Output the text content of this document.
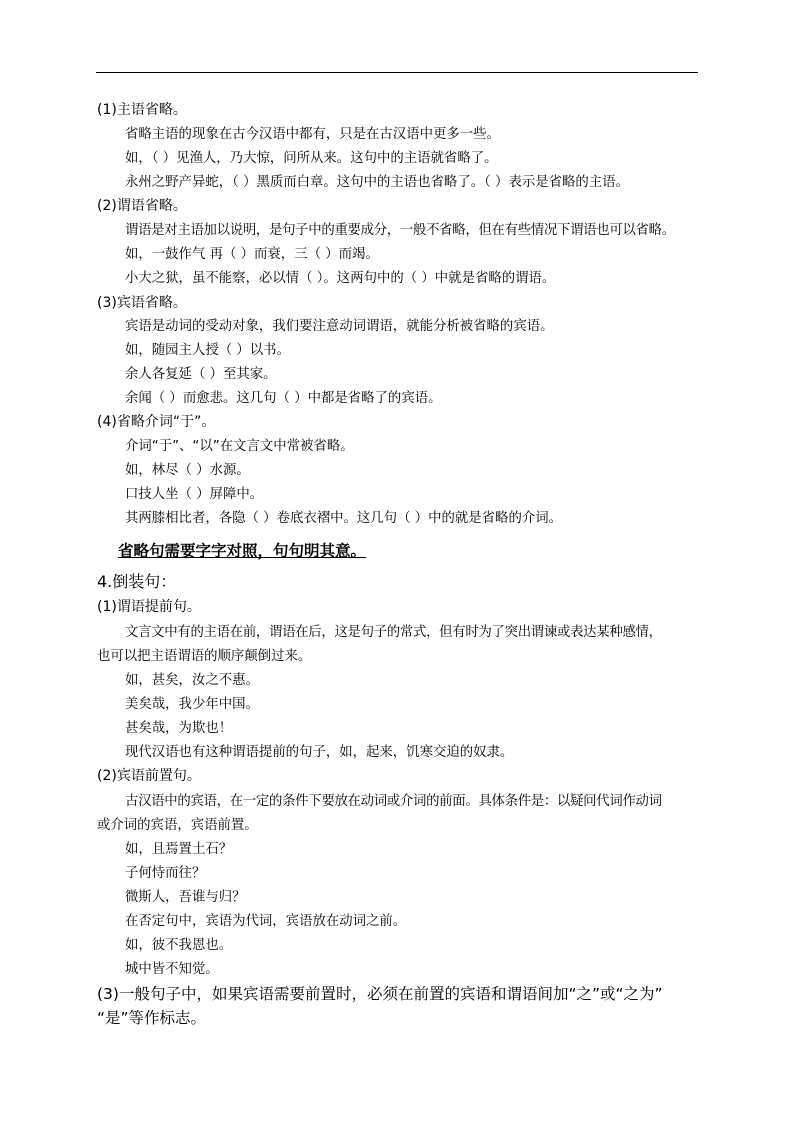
(1)主语省略。
省略主语的现象在古今汉语中都有，只是在古汉语中更多一些。
如，（ ）见渔人，乃大惊，问所从来。这句中的主语就省略了。
永州之野产异蛇，（ ）黑质而白章。这句中的主语也省略了。（ ）表示是省略的主语。
(2)谓语省略。
谓语是对主语加以说明，是句子中的重要成分，一般不省略，但在有些情况下谓语也可以省略。
如，一鼓作气 再（ ）而衰，三（ ）而竭。
小大之狱，虽不能察，必以情（ ）。这两句中的（ ）中就是省略的谓语。
(3)宾语省略。
宾语是动词的受动对象，我们要注意动词谓语，就能分析被省略的宾语。
如，随园主人授（ ）以书。
余人各复延（ ）至其家。
余闻（ ）而愈悲。这几句（ ）中都是省略了的宾语。
(4)省略介词“于”。
介词“于”、“以”在文言文中常被省略。
如，林尽（ ）水源。
口技人坐（ ）屏障中。
其两膝相比者，各隐（ ）卷底衣褶中。这几句（ ）中的就是省略的介词。
省略句需要字字对照，句句明其意。
4.倒装句：
(1)谓语提前句。
文言文中有的主语在前，谓语在后，这是句子的常式，但有时为了突出谓谏或表达某种感情，
也可以把主语谓语的顺序颠倒过来。
如，甚矣，汝之不惠。
美矣哉，我少年中国。
甚矣哉，为欺也！
现代汉语也有这种谓语提前的句子，如，起来，饥寒交迫的奴隶。
(2)宾语前置句。
古汉语中的宾语，在一定的条件下要放在动词或介词的前面。具体条件是：以疑问代词作动词
或介词的宾语，宾语前置。
如，且焉置土石？
子何恃而往？
微斯人，吾谁与归？
在否定句中，宾语为代词，宾语放在动词之前。
如，彼不我恩也。
城中皆不知觉。
(3)一般句子中，如果宾语需要前置时，必须在前置的宾语和谓语间加“之”或“之为”
“是”等作标志。
